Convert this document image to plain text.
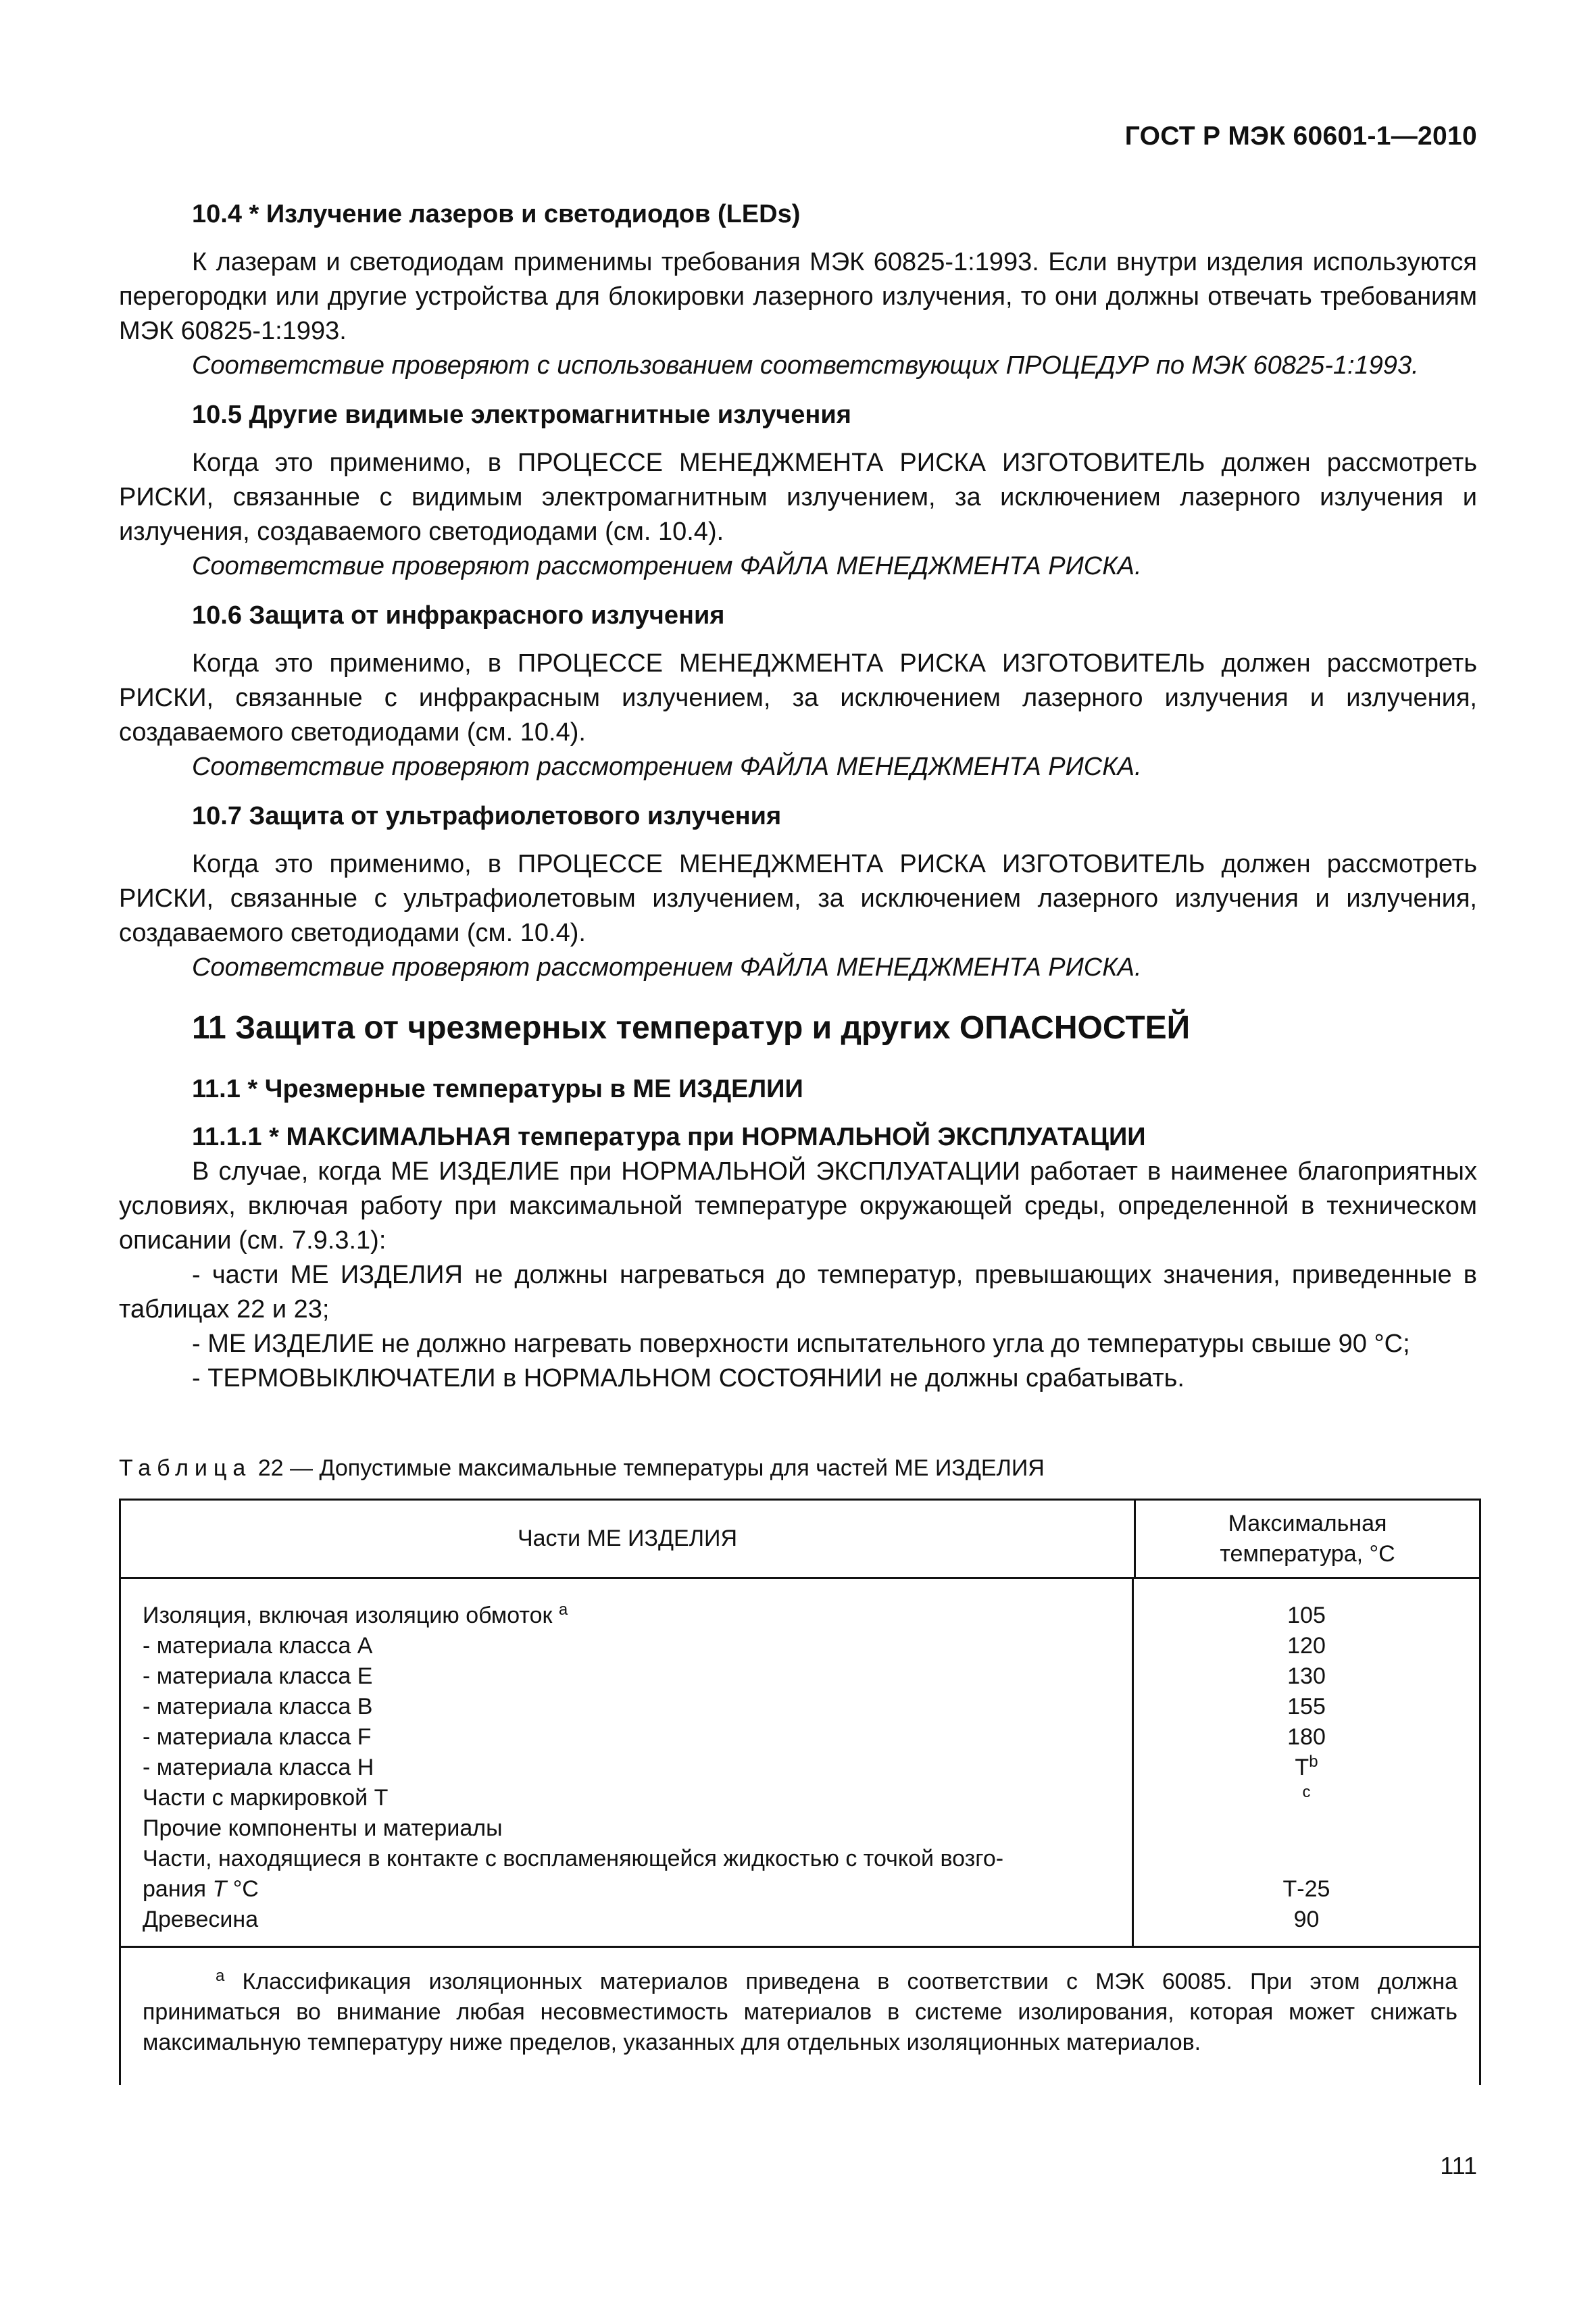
ГОСТ Р МЭК 60601-1—2010
10.4 * Излучение лазеров и светодиодов (LEDs)
К лазерам и светодиодам применимы требования МЭК 60825-1:1993. Если внутри изделия используются перегородки или другие устройства для блокировки лазерного излучения, то они должны отвечать требованиям МЭК 60825-1:1993.
Соответствие проверяют с использованием соответствующих ПРОЦЕДУР по МЭК 60825-1:1993.
10.5 Другие видимые электромагнитные излучения
Когда это применимо, в ПРОЦЕССЕ МЕНЕДЖМЕНТА РИСКА ИЗГОТОВИТЕЛЬ должен рассмотреть РИСКИ, связанные с видимым электромагнитным излучением, за исключением лазерного излучения и излучения, создаваемого светодиодами (см. 10.4).
Соответствие проверяют рассмотрением ФАЙЛА МЕНЕДЖМЕНТА РИСКА.
10.6 Защита от инфракрасного излучения
Когда это применимо, в ПРОЦЕССЕ МЕНЕДЖМЕНТА РИСКА ИЗГОТОВИТЕЛЬ должен рассмотреть РИСКИ, связанные с инфракрасным излучением, за исключением лазерного излучения и излучения, создаваемого светодиодами (см. 10.4).
Соответствие проверяют рассмотрением ФАЙЛА МЕНЕДЖМЕНТА РИСКА.
10.7 Защита от ультрафиолетового излучения
Когда это применимо, в ПРОЦЕССЕ МЕНЕДЖМЕНТА РИСКА ИЗГОТОВИТЕЛЬ должен рассмотреть РИСКИ, связанные с ультрафиолетовым излучением, за исключением лазерного излучения и излучения, создаваемого светодиодами (см. 10.4).
Соответствие проверяют рассмотрением ФАЙЛА МЕНЕДЖМЕНТА РИСКА.
11 Защита от чрезмерных температур и других ОПАСНОСТЕЙ
11.1 * Чрезмерные температуры в МЕ ИЗДЕЛИИ
11.1.1 * МАКСИМАЛЬНАЯ температура при НОРМАЛЬНОЙ ЭКСПЛУАТАЦИИ
В случае, когда МЕ ИЗДЕЛИЕ при НОРМАЛЬНОЙ ЭКСПЛУАТАЦИИ работает в наименее благоприятных условиях, включая работу при максимальной температуре окружающей среды, определенной в техническом описании (см. 7.9.3.1):
- части МЕ ИЗДЕЛИЯ не должны нагреваться до температур, превышающих значения, приведенные в таблицах 22 и 23;
- МЕ ИЗДЕЛИЕ не должно нагревать поверхности испытательного угла до температуры свыше 90 °С;
- ТЕРМОВЫКЛЮЧАТЕЛИ в НОРМАЛЬНОМ СОСТОЯНИИ не должны срабатывать.
Таблица 22 — Допустимые максимальные температуры для частей МЕ ИЗДЕЛИЯ
Части МЕ ИЗДЕЛИЯ
Максимальная
температура, °С
Изоляция, включая изоляцию обмоток $^a$
- материала класса А
- материала класса Е
- материала класса В
- материала класса F
- материала класса Н
Части с маркировкой Т
Прочие компоненты и материалы
Части, находящиеся в контакте с воспламеняющейся жидкостью с точкой возго-
рания Т °С
Древесина
105
120
130
155
180
$Т^b$
$^c$
Т-25
90
$^a$ Классификация изоляционных материалов приведена в соответствии с МЭК 60085. При этом должна приниматься во внимание любая несовместимость материалов в системе изолирования, которая может снижать максимальную температуру ниже пределов, указанных для отдельных изоляционных материалов.
111
